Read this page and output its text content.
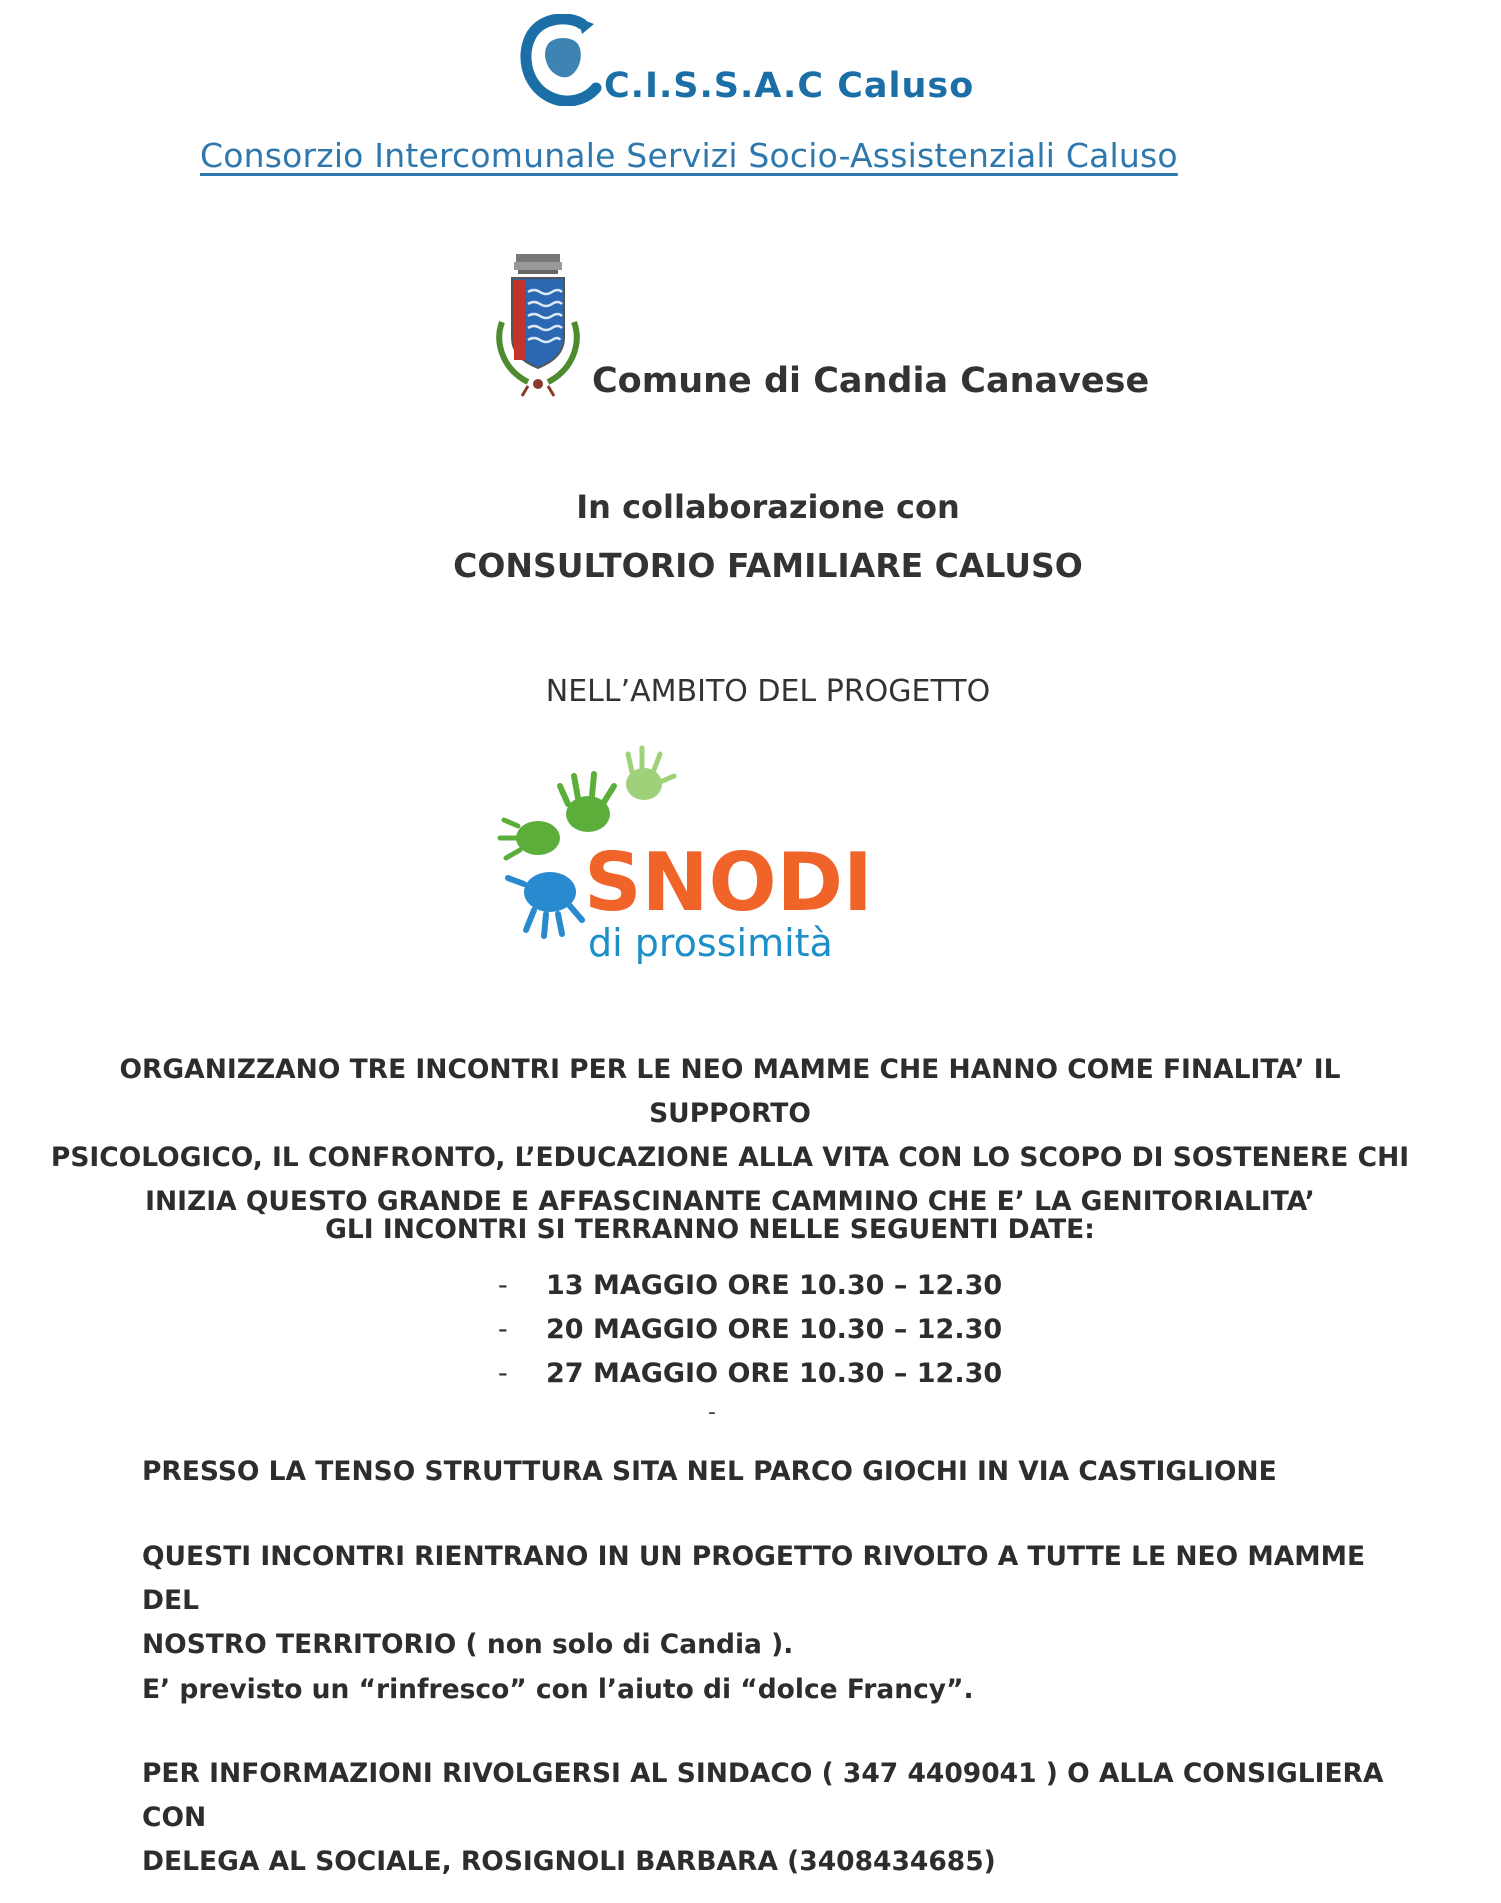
C.I.S.S.A.C Caluso
Consorzio Intercomunale Servizi Socio-Assistenziali Caluso
Comune di Candia Canavese
In collaborazione con
CONSULTORIO FAMILIARE CALUSO
NELL’AMBITO DEL PROGETTO
SNODI
di prossimità
ORGANIZZANO TRE INCONTRI PER LE NEO MAMME CHE HANNO COME FINALITA’ IL SUPPORTO
PSICOLOGICO, IL CONFRONTO, L’EDUCAZIONE ALLA VITA CON LO SCOPO DI SOSTENERE CHI
INIZIA QUESTO GRANDE E AFFASCINANTE CAMMINO CHE E’ LA GENITORIALITA’
GLI INCONTRI SI TERRANNO NELLE SEGUENTI DATE:
- 13 MAGGIO ORE 10.30 – 12.30
- 20 MAGGIO ORE 10.30 – 12.30
- 27 MAGGIO ORE 10.30 – 12.30
-
PRESSO LA TENSO STRUTTURA SITA NEL PARCO GIOCHI IN VIA CASTIGLIONE
QUESTI INCONTRI RIENTRANO IN UN PROGETTO RIVOLTO A TUTTE LE NEO MAMME DEL
NOSTRO TERRITORIO ( non solo di Candia ).
E’ previsto un “rinfresco” con l’aiuto di “dolce Francy”.
PER INFORMAZIONI RIVOLGERSI AL SINDACO ( 347 4409041 ) O ALLA CONSIGLIERA CON
DELEGA AL SOCIALE, ROSIGNOLI BARBARA (3408434685)
